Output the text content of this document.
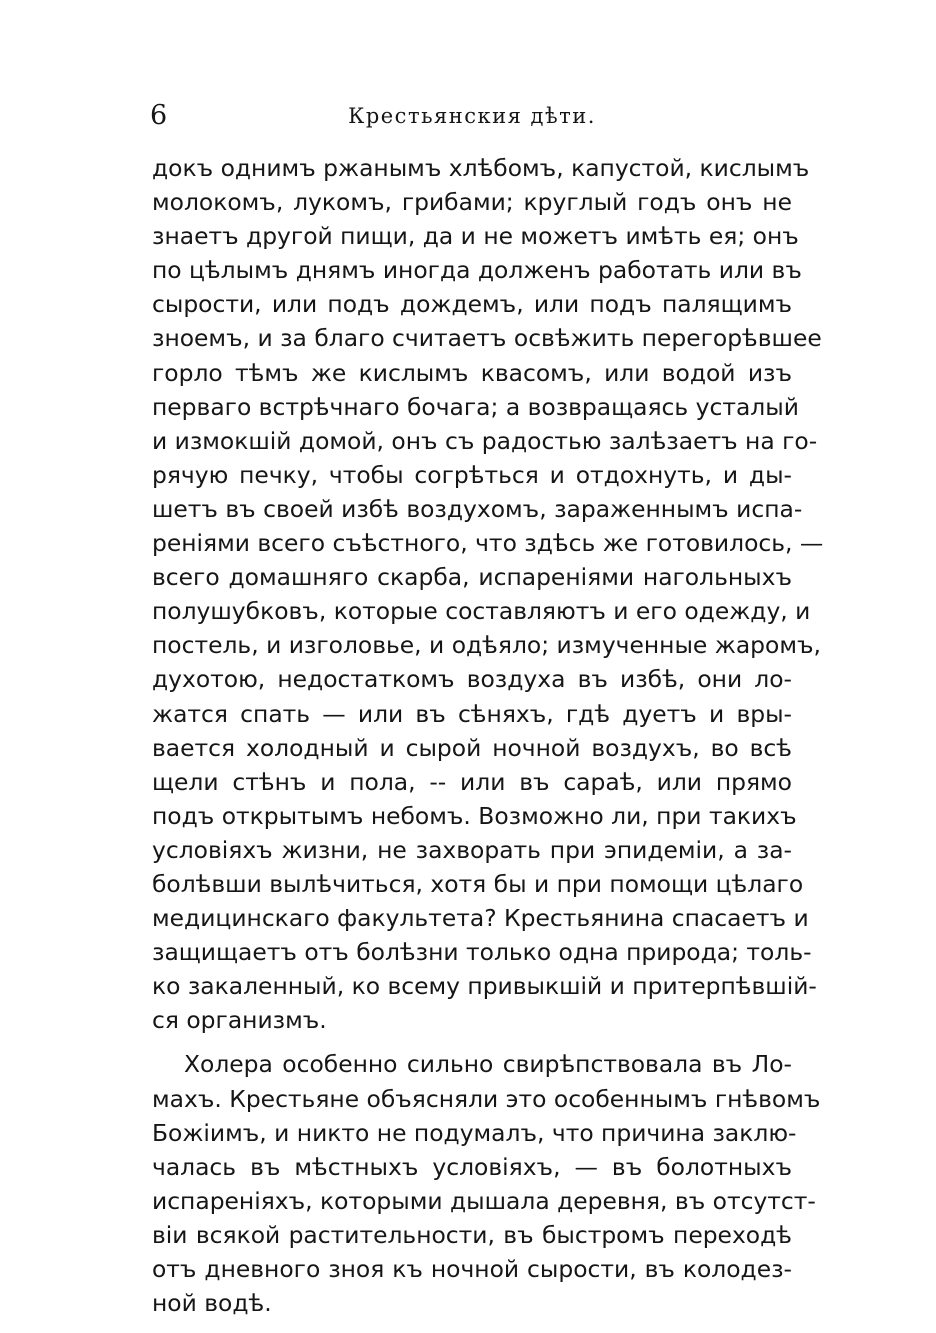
6	Крестьянския дѣти.

докъ однимъ ржанымъ хлѣбомъ, капустой, кислымъ
молокомъ, лукомъ, грибами; круглый годъ онъ не
знаетъ другой пищи, да и не можетъ имѣть ея; онъ
по цѣлымъ днямъ иногда долженъ работать или въ
сырости, или подъ дождемъ, или подъ палящимъ
зноемъ, и за благо считаетъ освѣжить перегорѣвшее
горло тѣмъ же кислымъ квасомъ, или водой изъ
перваго встрѣчнаго бочага; а возвращаясь усталый
и измокшій домой, онъ съ радостью залѣзаетъ на го-
рячую печку, чтобы согрѣться и отдохнуть, и ды-
шетъ въ своей избѣ воздухомъ, зараженнымъ испа-
реніями всего съѣстного, что здѣсь же готовилось, —
всего домашняго скарба, испареніями нагольныхъ
полушубковъ, которые составляютъ и его одежду, и
постель, и изголовье, и одѣяло; измученные жаромъ,
духотою, недостаткомъ воздуха въ избѣ, они ло-
жатся спать — или въ сѣняхъ, гдѣ дуетъ и вры-
вается холодный и сырой ночной воздухъ, во всѣ
щели стѣнъ и пола, -- или въ сараѣ, или прямо
подъ открытымъ небомъ. Возможно ли, при такихъ
условіяхъ жизни, не захворать при эпидеміи, а за-
болѣвши вылѣчиться, хотя бы и при помощи цѣлаго
медицинскаго факультета? Крестьянина спасаетъ и
защищаетъ отъ болѣзни только одна природа; толь-
ко закаленный, ко всему привыкшій и притерпѣвшій-
ся организмъ.

Холера особенно сильно свирѣпствовала въ Ло-
махъ. Крестьяне объясняли это особеннымъ гнѣвомъ
Божіимъ, и никто не подумалъ, что причина заклю-
чалась въ мѣстныхъ условіяхъ, — въ болотныхъ
испареніяхъ, которыми дышала деревня, въ отсутст-
віи всякой растительности, въ быстромъ переходѣ
отъ дневного зноя къ ночной сырости, въ колодез-
ной водѣ.
